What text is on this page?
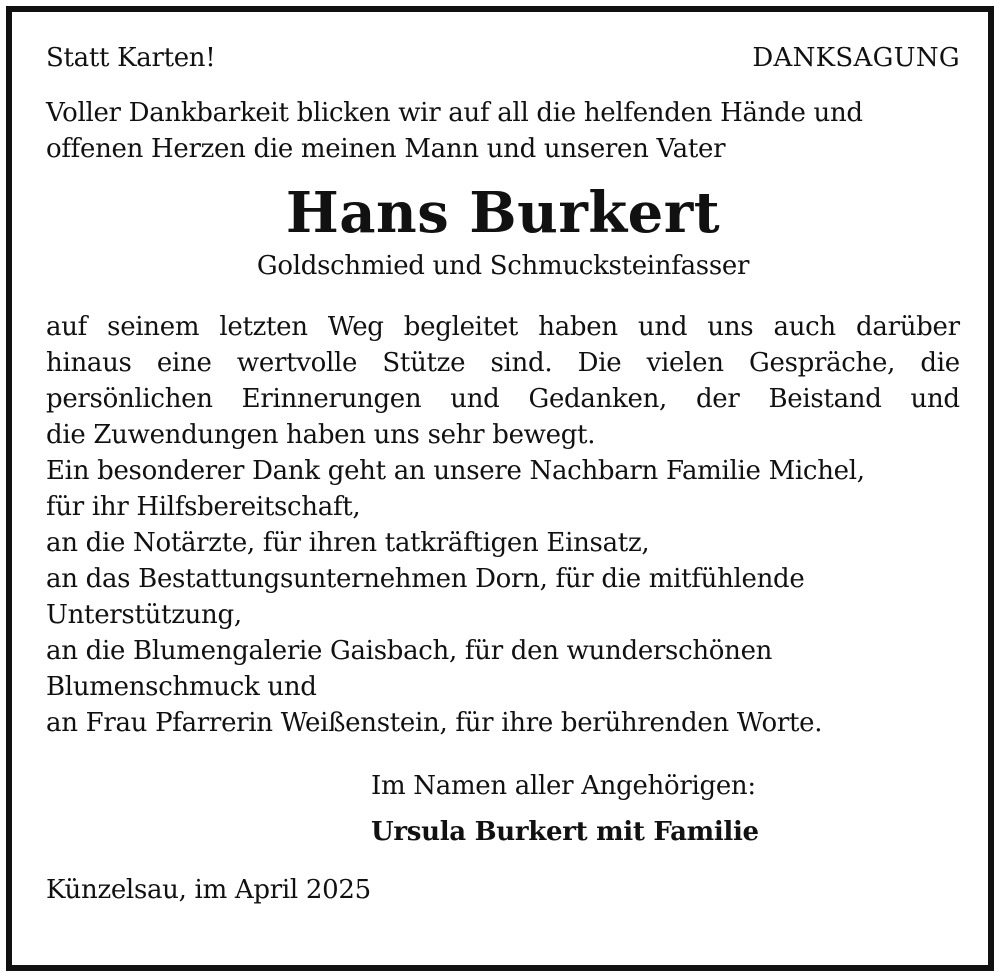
Statt Karten!	DANKSAGUNG
Voller Dankbarkeit blicken wir auf all die helfenden Hände und
offenen Herzen die meinen Mann und unseren Vater
Hans Burkert
Goldschmied und Schmucksteinfasser
auf seinem letzten Weg begleitet haben und uns auch darüber
hinaus eine wertvolle Stütze sind. Die vielen Gespräche, die
persönlichen Erinnerungen und Gedanken, der Beistand und
die Zuwendungen haben uns sehr bewegt.
Ein besonderer Dank geht an unsere Nachbarn Familie Michel,
für ihr Hilfsbereitschaft,
an die Notärzte, für ihren tatkräftigen Einsatz,
an das Bestattungsunternehmen Dorn, für die mitfühlende
Unterstützung,
an die Blumengalerie Gaisbach, für den wunderschönen
Blumenschmuck und
an Frau Pfarrerin Weißenstein, für ihre berührenden Worte.
Im Namen aller Angehörigen:
Ursula Burkert mit Familie
Künzelsau, im April 2025
